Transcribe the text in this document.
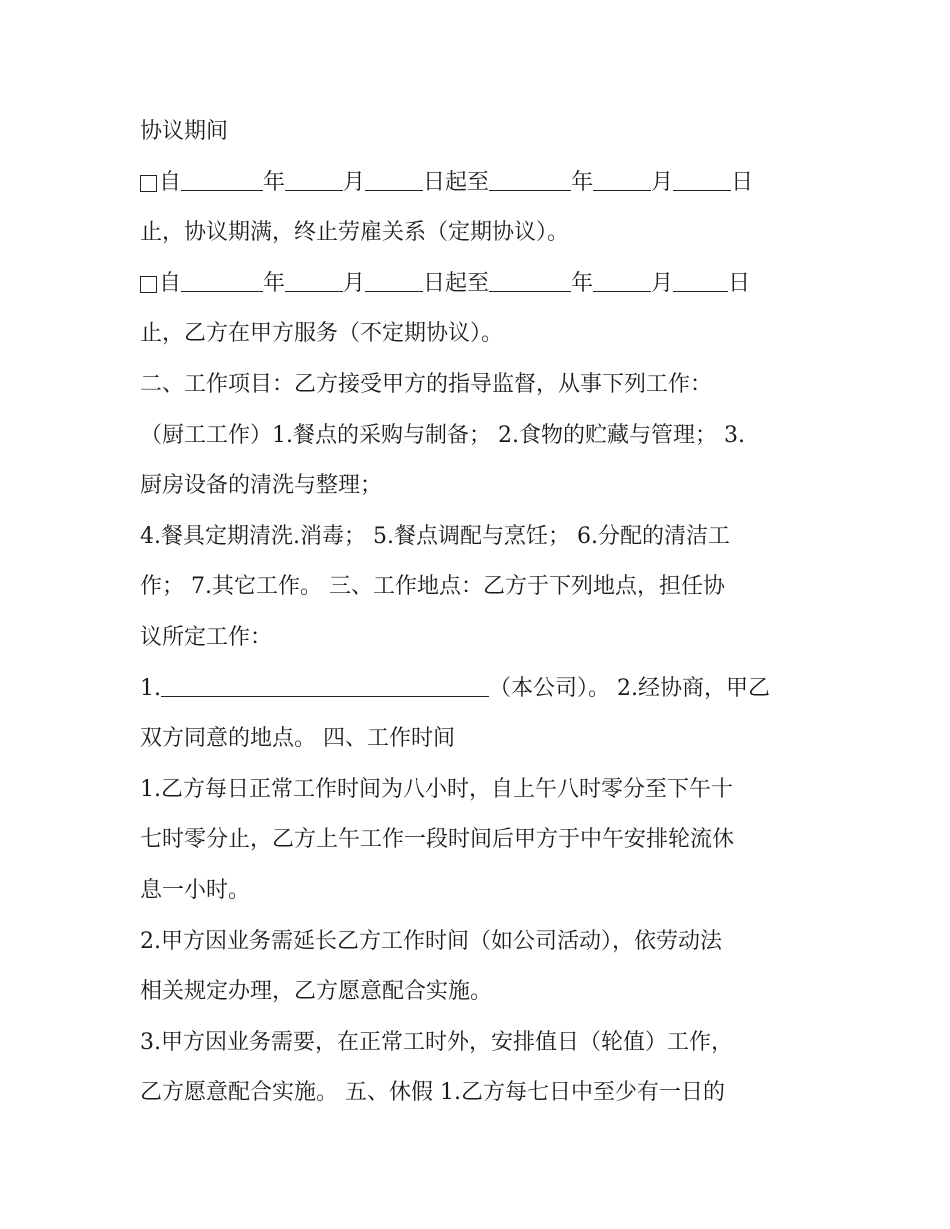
协议期间
自	年	月	日起至	年	月	日
止，协议期满，终止劳雇关系（定期协议）。
自	年	月	日起至	年	月	日
止，乙方在甲方服务（不定期协议）。
二、工作项目：乙方接受甲方的指导监督，从事下列工作：
（厨工工作）1.餐点的采购与制备； 2.食物的贮藏与管理； 3.
厨房设备的清洗与整理；
4.餐具定期清洗.消毒； 5.餐点调配与烹饪； 6.分配的清洁工
作； 7.其它工作。 三、工作地点：乙方于下列地点，担任协
议所定工作：
1.	（本公司）。 2.经协商，甲乙
双方同意的地点。 四、工作时间
1.乙方每日正常工作时间为八小时，自上午八时零分至下午十
七时零分止，乙方上午工作一段时间后甲方于中午安排轮流休
息一小时。
2.甲方因业务需延长乙方工作时间（如公司活动），依劳动法
相关规定办理，乙方愿意配合实施。
3.甲方因业务需要，在正常工时外，安排值日（轮值）工作，
乙方愿意配合实施。 五、休假 1.乙方每七日中至少有一日的
